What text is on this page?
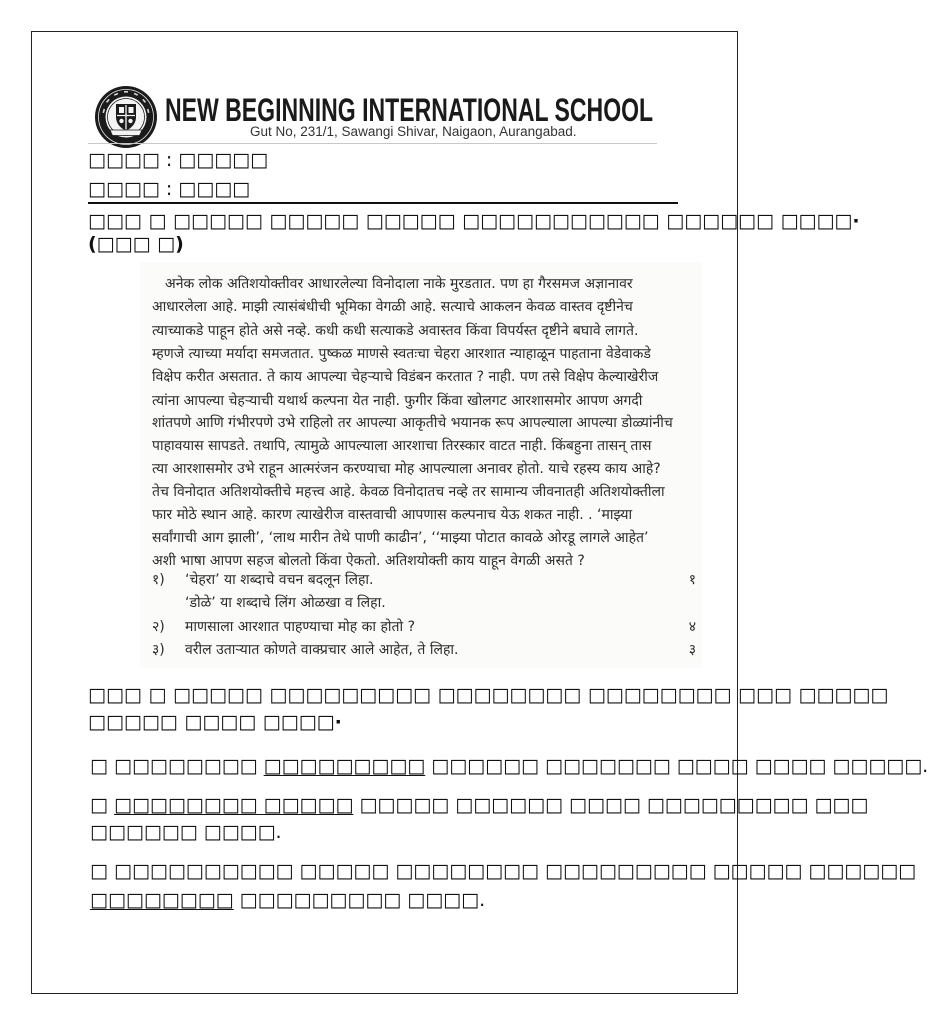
NEW BEGINNING INTERNATIONAL SCHOOL
Gut No, 231/1, Sawangi Shivar, Naigaon, Aurangabad.
□□□□ : □□□□□
□□□□ : □□□□
□□□ □ □□□□□ □□□□□ □□□□□ □□□□□□□□□□□ □□□□□□ □□□□·
(□□□ □)
अनेक लोक अतिशयोक्तीवर आधारलेल्या विनोदाला नाके मुरडतात. पण हा गैरसमज अज्ञानावर
आधारलेला आहे. माझी त्यासंबंधीची भूमिका वेगळी आहे. सत्याचे आकलन केवळ वास्तव दृष्टीनेच
त्याच्याकडे पाहून होते असे नव्हे. कधी कधी सत्याकडे अवास्तव किंवा विपर्यस्त दृष्टीने बघावे लागते.
म्हणजे त्याच्या मर्यादा समजतात. पुष्कळ माणसे स्वतःचा चेहरा आरशात न्याहाळून पाहताना वेडेवाकडे
विक्षेप करीत असतात. ते काय आपल्या चेहऱ्याचे विडंबन करतात ? नाही. पण तसे विक्षेप केल्याखेरीज
त्यांना आपल्या चेहऱ्याची यथार्थ कल्पना येत नाही. फुगीर किंवा खोलगट आरशासमोर आपण अगदी
शांतपणे आणि गंभीरपणे उभे राहिलो तर आपल्या आकृतीचे भयानक रूप आपल्याला आपल्या डोळ्यांनीच
पाहावयास सापडते. तथापि, त्यामुळे आपल्याला आरशाचा तिरस्कार वाटत नाही. किंबहुना तासन् तास
त्या आरशासमोर उभे राहून आत्मरंजन करण्याचा मोह आपल्याला अनावर होतो. याचे रहस्य काय आहे?
तेच विनोदात अतिशयोक्तीचे महत्त्व आहे. केवळ विनोदातच नव्हे तर सामान्य जीवनातही अतिशयोक्तीला
फार मोठे स्थान आहे. कारण त्याखेरीज वास्तवाची आपणास कल्पनाच येऊ शकत नाही. . ‘माझ्या
सर्वांगाची आग झाली’, ‘लाथ मारीन तेथे पाणी काढीन’, ‘‘माझ्या पोटात कावळे ओरडू लागले आहेत’
अशी भाषा आपण सहज बोलतो किंवा ऐकतो. अतिशयोक्ती काय याहून वेगळी असते ?
१) ‘चेहरा’ या शब्दाचे वचन बदलून लिहा.	१
‘डोळे’ या शब्दाचे लिंग ओळखा व लिहा.
२) माणसाला आरशात पाहण्याचा मोह का होतो ?	४
३) वरील उताऱ्यात कोणते वाक्प्रचार आले आहेत, ते लिहा.	३
□□□ □ □□□□□ □□□□□□□□□ □□□□□□□□ □□□□□□□□ □□□ □□□□□
□□□□□ □□□□ □□□□·
□ □□□□□□□□ □□□□□□□□□ □□□□□□ □□□□□□□ □□□□ □□□□ □□□□□.
□ □□□□□□□□ □□□□□ □□□□□ □□□□□□ □□□□ □□□□□□□□□ □□□
□□□□□□ □□□□.
□ □□□□□□□□□□ □□□□□ □□□□□□□□ □□□□□□□□□ □□□□□ □□□□□□
□□□□□□□□ □□□□□□□□□ □□□□.
